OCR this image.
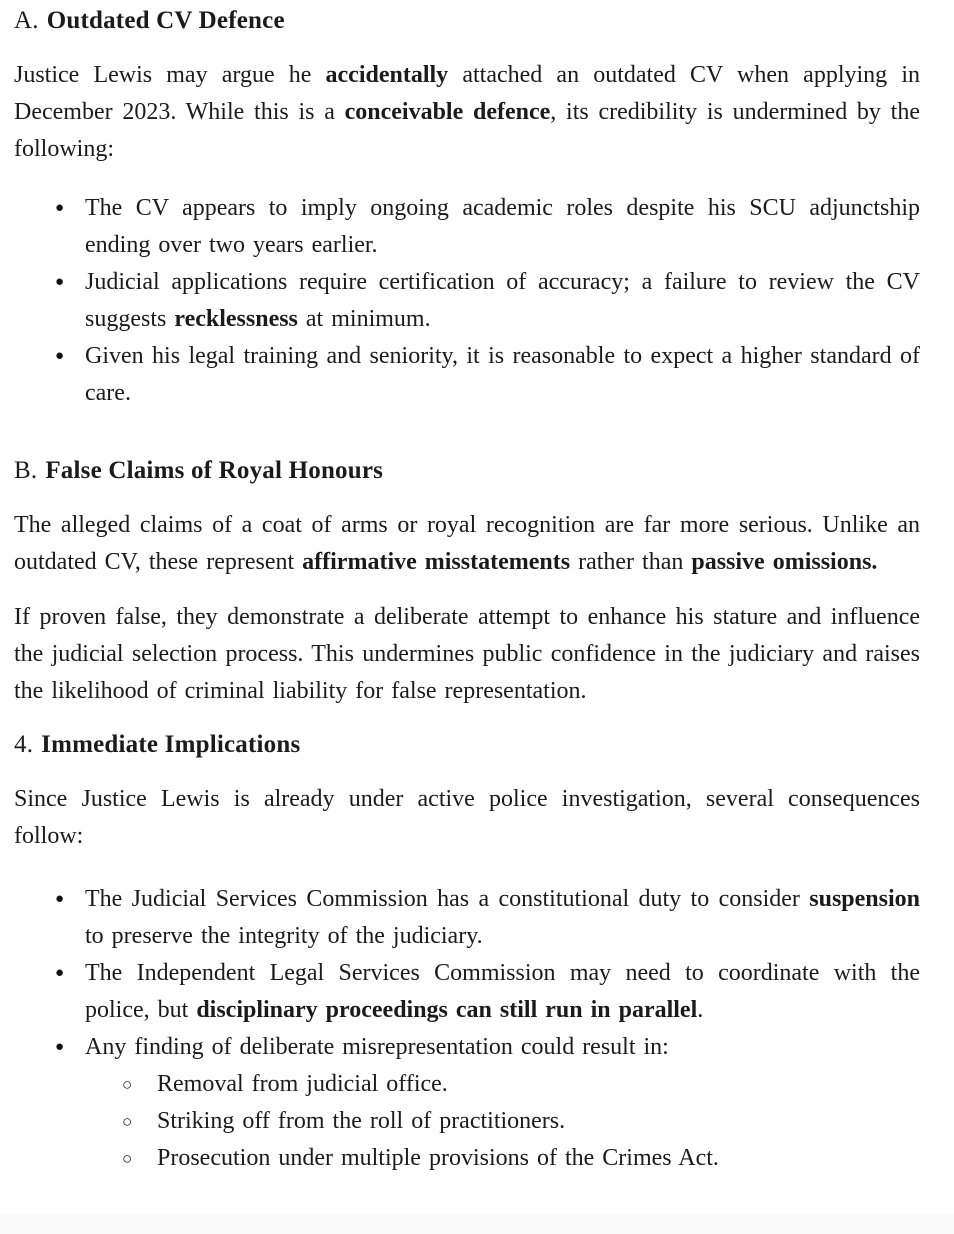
A. Outdated CV Defence

Justice Lewis may argue he accidentally attached an outdated CV when applying in December 2023. While this is a conceivable defence, its credibility is undermined by the following:

● The CV appears to imply ongoing academic roles despite his SCU adjunctship ending over two years earlier.
● Judicial applications require certification of accuracy; a failure to review the CV suggests recklessness at minimum.
● Given his legal training and seniority, it is reasonable to expect a higher standard of care.
B. False Claims of Royal Honours

The alleged claims of a coat of arms or royal recognition are far more serious. Unlike an outdated CV, these represent affirmative misstatements rather than passive omissions.

If proven false, they demonstrate a deliberate attempt to enhance his stature and influence the judicial selection process. This undermines public confidence in the judiciary and raises the likelihood of criminal liability for false representation.

4. Immediate Implications

Since Justice Lewis is already under active police investigation, several consequences follow:

● The Judicial Services Commission has a constitutional duty to consider suspension to preserve the integrity of the judiciary.
● The Independent Legal Services Commission may need to coordinate with the police, but disciplinary proceedings can still run in parallel.
● Any finding of deliberate misrepresentation could result in:
○	Removal from judicial office.
○	Striking off from the roll of practitioners.
○	Prosecution under multiple provisions of the Crimes Act.
